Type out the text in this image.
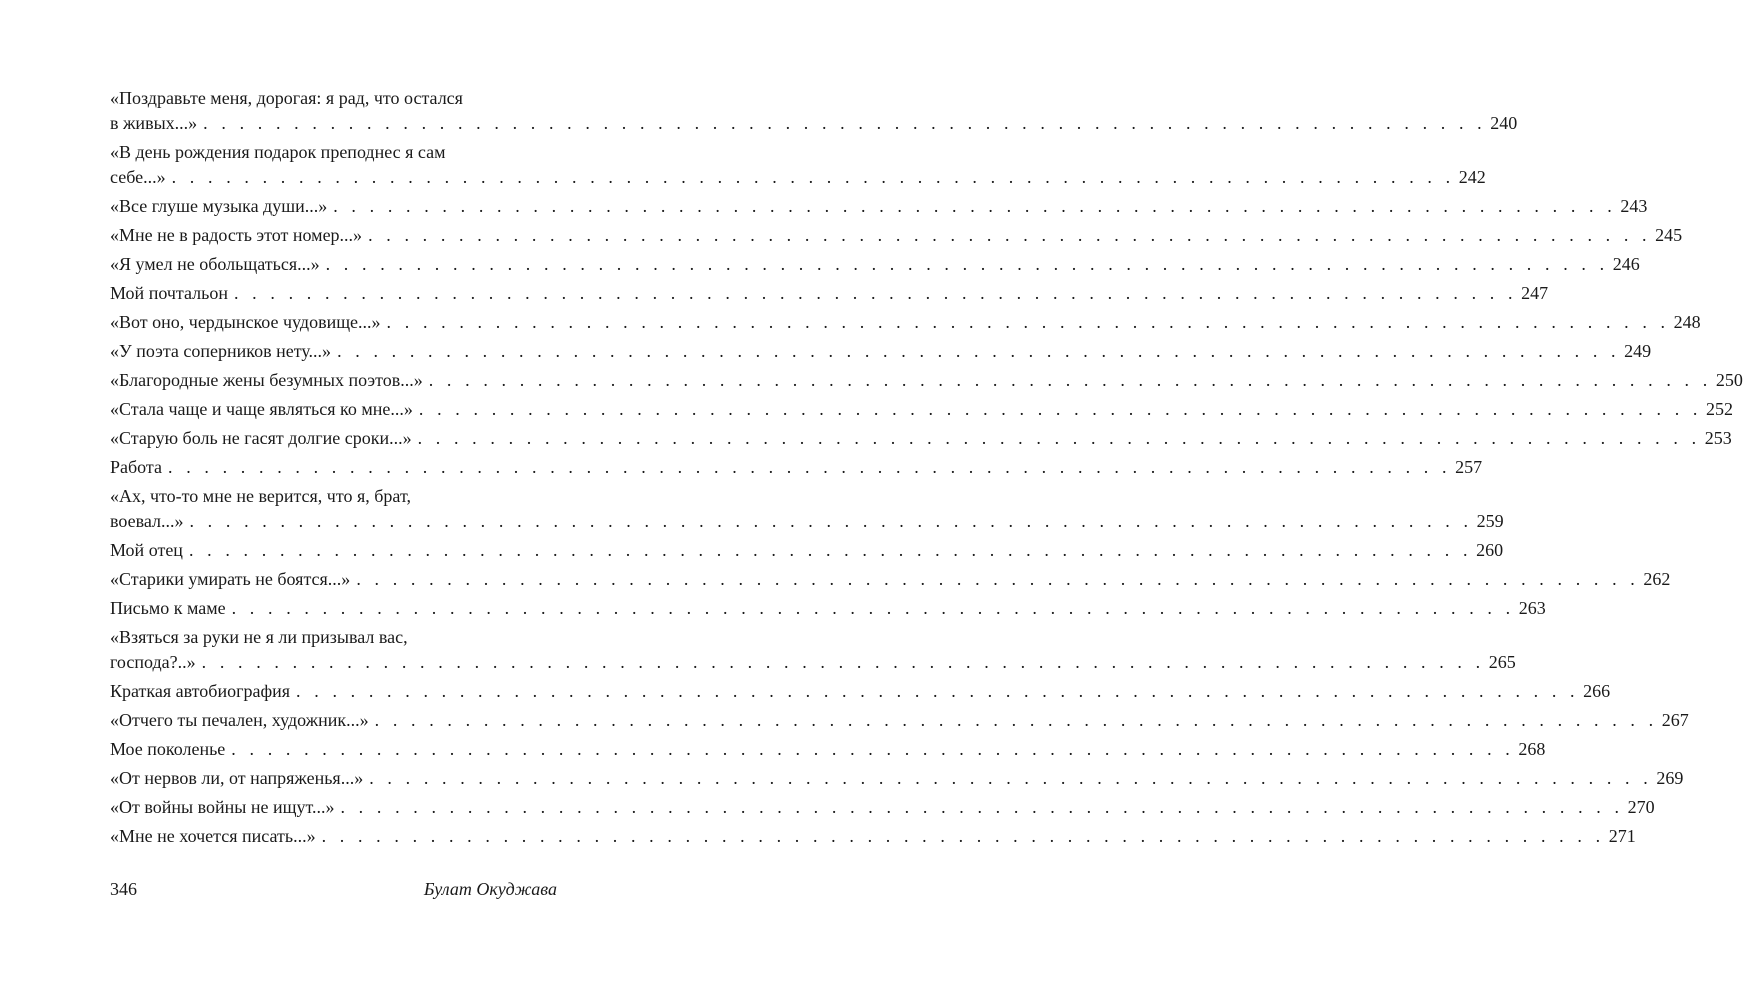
«Поздравьте меня, дорогая: я рад, что остался
в живых...» . . . . . . . . . . . . . . . . . . . . . . . . . . . . . . . . . . . . . . . . . . . . . . . . . . . . . . . . . . . . . . . . . . . . . . . 240
«В день рождения подарок преподнес я сам
себе...» . . . . . . . . . . . . . . . . . . . . . . . . . . . . . . . . . . . . . . . . . . . . . . . . . . . . . . . . . . . . . . . . . . . . . . . 242
«Все глуше музыка души...» . . . . . . . . . . . . . . . . . . . . . . . . . . . . . . . . . . . . . . . . . . . . . . . . . . . . . . . . . . . . . . . . . . . . . . . 243
«Мне не в радость этот номер...» . . . . . . . . . . . . . . . . . . . . . . . . . . . . . . . . . . . . . . . . . . . . . . . . . . . . . . . . . . . . . . . . . . . . . . . 245
«Я умел не обольщаться...» . . . . . . . . . . . . . . . . . . . . . . . . . . . . . . . . . . . . . . . . . . . . . . . . . . . . . . . . . . . . . . . . . . . . . . . 246
Мой почтальон . . . . . . . . . . . . . . . . . . . . . . . . . . . . . . . . . . . . . . . . . . . . . . . . . . . . . . . . . . . . . . . . . . . . . . . 247
«Вот оно, чердынское чудовище...» . . . . . . . . . . . . . . . . . . . . . . . . . . . . . . . . . . . . . . . . . . . . . . . . . . . . . . . . . . . . . . . . . . . . . . . 248
«У поэта соперников нету...» . . . . . . . . . . . . . . . . . . . . . . . . . . . . . . . . . . . . . . . . . . . . . . . . . . . . . . . . . . . . . . . . . . . . . . . 249
«Благородные жены безумных поэтов...» . . . . . . . . . . . . . . . . . . . . . . . . . . . . . . . . . . . . . . . . . . . . . . . . . . . . . . . . . . . . . . . . . . . . . . . 250
«Стала чаще и чаще являться ко мне...» . . . . . . . . . . . . . . . . . . . . . . . . . . . . . . . . . . . . . . . . . . . . . . . . . . . . . . . . . . . . . . . . . . . . . . . 252
«Старую боль не гасят долгие сроки...» . . . . . . . . . . . . . . . . . . . . . . . . . . . . . . . . . . . . . . . . . . . . . . . . . . . . . . . . . . . . . . . . . . . . . . . 253
Работа . . . . . . . . . . . . . . . . . . . . . . . . . . . . . . . . . . . . . . . . . . . . . . . . . . . . . . . . . . . . . . . . . . . . . . . 257
«Ах, что-то мне не верится, что я, брат,
воевал...» . . . . . . . . . . . . . . . . . . . . . . . . . . . . . . . . . . . . . . . . . . . . . . . . . . . . . . . . . . . . . . . . . . . . . . . 259
Мой отец . . . . . . . . . . . . . . . . . . . . . . . . . . . . . . . . . . . . . . . . . . . . . . . . . . . . . . . . . . . . . . . . . . . . . . . 260
«Старики умирать не боятся...» . . . . . . . . . . . . . . . . . . . . . . . . . . . . . . . . . . . . . . . . . . . . . . . . . . . . . . . . . . . . . . . . . . . . . . . 262
Письмо к маме . . . . . . . . . . . . . . . . . . . . . . . . . . . . . . . . . . . . . . . . . . . . . . . . . . . . . . . . . . . . . . . . . . . . . . . 263
«Взяться за руки не я ли призывал вас,
господа?..» . . . . . . . . . . . . . . . . . . . . . . . . . . . . . . . . . . . . . . . . . . . . . . . . . . . . . . . . . . . . . . . . . . . . . . . 265
Краткая автобиография . . . . . . . . . . . . . . . . . . . . . . . . . . . . . . . . . . . . . . . . . . . . . . . . . . . . . . . . . . . . . . . . . . . . . . . 266
«Отчего ты печален, художник...» . . . . . . . . . . . . . . . . . . . . . . . . . . . . . . . . . . . . . . . . . . . . . . . . . . . . . . . . . . . . . . . . . . . . . . . 267
Мое поколенье . . . . . . . . . . . . . . . . . . . . . . . . . . . . . . . . . . . . . . . . . . . . . . . . . . . . . . . . . . . . . . . . . . . . . . . 268
«От нервов ли, от напряженья...» . . . . . . . . . . . . . . . . . . . . . . . . . . . . . . . . . . . . . . . . . . . . . . . . . . . . . . . . . . . . . . . . . . . . . . . 269
«От войны войны не ищут...» . . . . . . . . . . . . . . . . . . . . . . . . . . . . . . . . . . . . . . . . . . . . . . . . . . . . . . . . . . . . . . . . . . . . . . . 270
«Мне не хочется писать...» . . . . . . . . . . . . . . . . . . . . . . . . . . . . . . . . . . . . . . . . . . . . . . . . . . . . . . . . . . . . . . . . . . . . . . . 271
346	Булат Окуджава
